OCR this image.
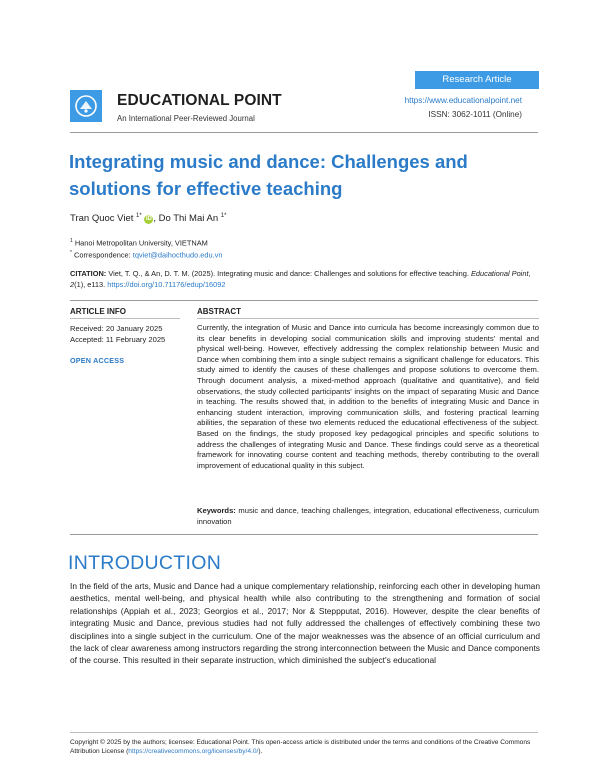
Research Article
EDUCATIONAL POINT
An International Peer-Reviewed Journal
https://www.educationalpoint.net
ISSN: 3062-1011 (Online)
Integrating music and dance: Challenges and solutions for effective teaching
Tran Quoc Viet $^{1*}$ iD , Do Thi Mai An $^{1*}$
$^1$ Hanoi Metropolitan University, VIETNAM
* Correspondence: tqviet@daihocthudo.edu.vn
CITATION: Viet, T. Q., & An, D. T. M. (2025). Integrating music and dance: Challenges and solutions for effective teaching. Educational Point, 2(1), e113. https://doi.org/10.71176/edup/16092
ARTICLE INFO
Received: 20 January 2025
Accepted: 11 February 2025
OPEN ACCESS
ABSTRACT
Currently, the integration of Music and Dance into curricula has become increasingly common due to its clear benefits in developing social communication skills and improving students' mental and physical well-being. However, effectively addressing the complex relationship between Music and Dance when combining them into a single subject remains a significant challenge for educators. This study aimed to identify the causes of these challenges and propose solutions to overcome them. Through document analysis, a mixed-method approach (qualitative and quantitative), and field observations, the study collected participants' insights on the impact of separating Music and Dance in teaching. The results showed that, in addition to the benefits of integrating Music and Dance in enhancing student interaction, improving communication skills, and fostering practical learning abilities, the separation of these two elements reduced the educational effectiveness of the subject. Based on the findings, the study proposed key pedagogical principles and specific solutions to address the challenges of integrating Music and Dance. These findings could serve as a theoretical framework for innovating course content and teaching methods, thereby contributing to the overall improvement of educational quality in this subject.
Keywords: music and dance, teaching challenges, integration, educational effectiveness, curriculum innovation
INTRODUCTION
In the field of the arts, Music and Dance had a unique complementary relationship, reinforcing each other in developing human aesthetics, mental well-being, and physical health while also contributing to the strengthening and formation of social relationships (Appiah et al., 2023; Georgios et al., 2017; Nor & Steppputat, 2016). However, despite the clear benefits of integrating Music and Dance, previous studies had not fully addressed the challenges of effectively combining these two disciplines into a single subject in the curriculum. One of the major weaknesses was the absence of an official curriculum and the lack of clear awareness among instructors regarding the strong interconnection between the Music and Dance components of the course. This resulted in their separate instruction, which diminished the subject's educational
Copyright © 2025 by the authors; licensee: Educational Point. This open-access article is distributed under the terms and conditions of the Creative Commons Attribution License (https://creativecommons.org/licenses/by/4.0/).
